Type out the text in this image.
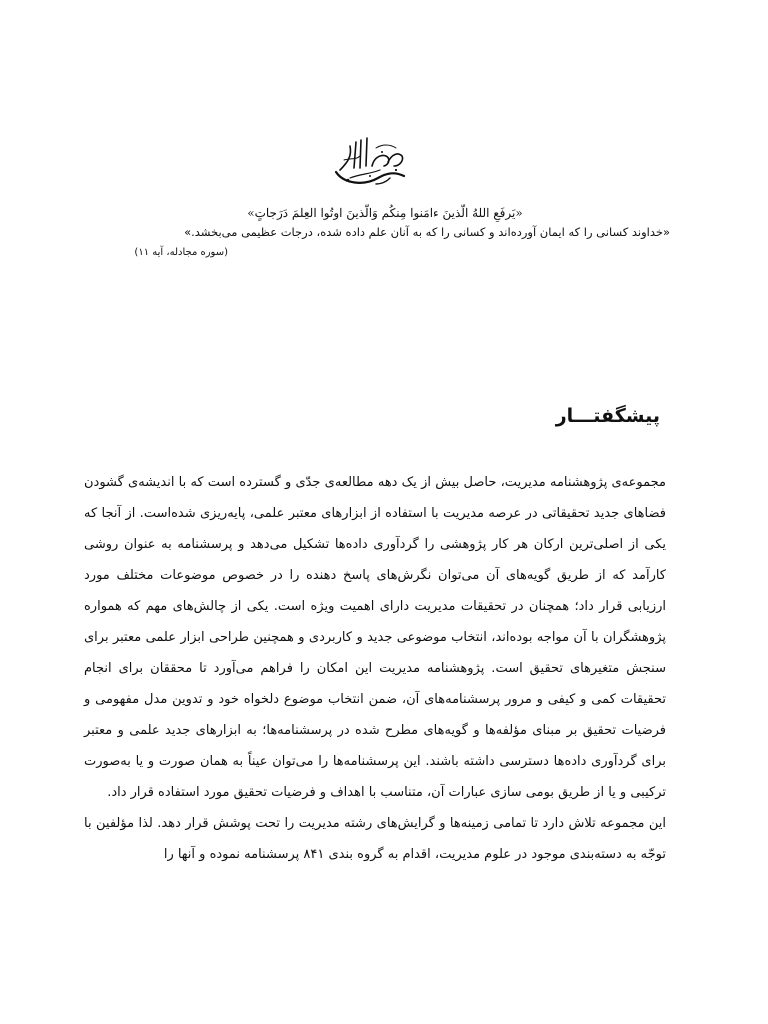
«يَرفَعِ اللهُ الّذينَ ءامَنوا مِنكُم وَالّذينَ اوتُوا العِلمَ دَرَجاتٍ»
«خداوند کسانی را که ایمان آورده‌اند و کسانی را که به آنان علم داده شده، درجات عظیمی می‌بخشد.»
(سوره مجادله، آیه ۱۱)
پیشگفتـــار

مجموعه‌ی پژوهشنامه مدیریت، حاصل بیش از یک دهه مطالعه‌ی جدّی و گسترده است که با اندیشه‌ی گشودن فضاهای جدید تحقیقاتی در عرصه مدیریت با استفاده از ابزارهای معتبر علمی، پایه‌ریزی شده‌است. از آنجا که یکی از اصلی‌ترین ارکان هر کار پژوهشی را گردآوری داده‌ها تشکیل می‌دهد و پرسشنامه به عنوان روشی کارآمد که از طریق گویه‌های آن می‌توان نگرش‌های پاسخ دهنده را در خصوص موضوعات مختلف مورد ارزیابی قرار داد؛ همچنان در تحقیقات مدیریت دارای اهمیت ویژه است. یکی از چالش‌های مهم که همواره پژوهشگران با آن مواجه بوده‌اند، انتخاب موضوعی جدید و کاربردی و همچنین طراحی ابزار علمی معتبر برای سنجش متغیرهای تحقیق است. پژوهشنامه مدیریت این امکان را فراهم می‌آورد تا محققان برای انجام تحقیقات کمی و کیفی و مرور پرسشنامه‌های آن، ضمن انتخاب موضوع دلخواه خود و تدوین مدل مفهومی و فرضیات تحقیق بر مبنای مؤلفه‌ها و گویه‌های مطرح شده در پرسشنامه‌ها؛ به ابزارهای جدید علمی و معتبر برای گردآوری داده‌ها دسترسی داشته باشند. این پرسشنامه‌ها را می‌توان عیناً به همان صورت و یا به‌صورت ترکیبی و یا از طریق بومی سازی عبارات آن، متناسب با اهداف و فرضیات تحقیق مورد استفاده قرار داد.

این مجموعه تلاش دارد تا تمامی زمینه‌ها و گرایش‌های رشته مدیریت را تحت پوشش قرار دهد. لذا مؤلفین با توجّه به دسته‌بندی موجود در علوم مدیریت، اقدام به گروه بندی ۸۴۱ پرسشنامه نموده و آنها را
